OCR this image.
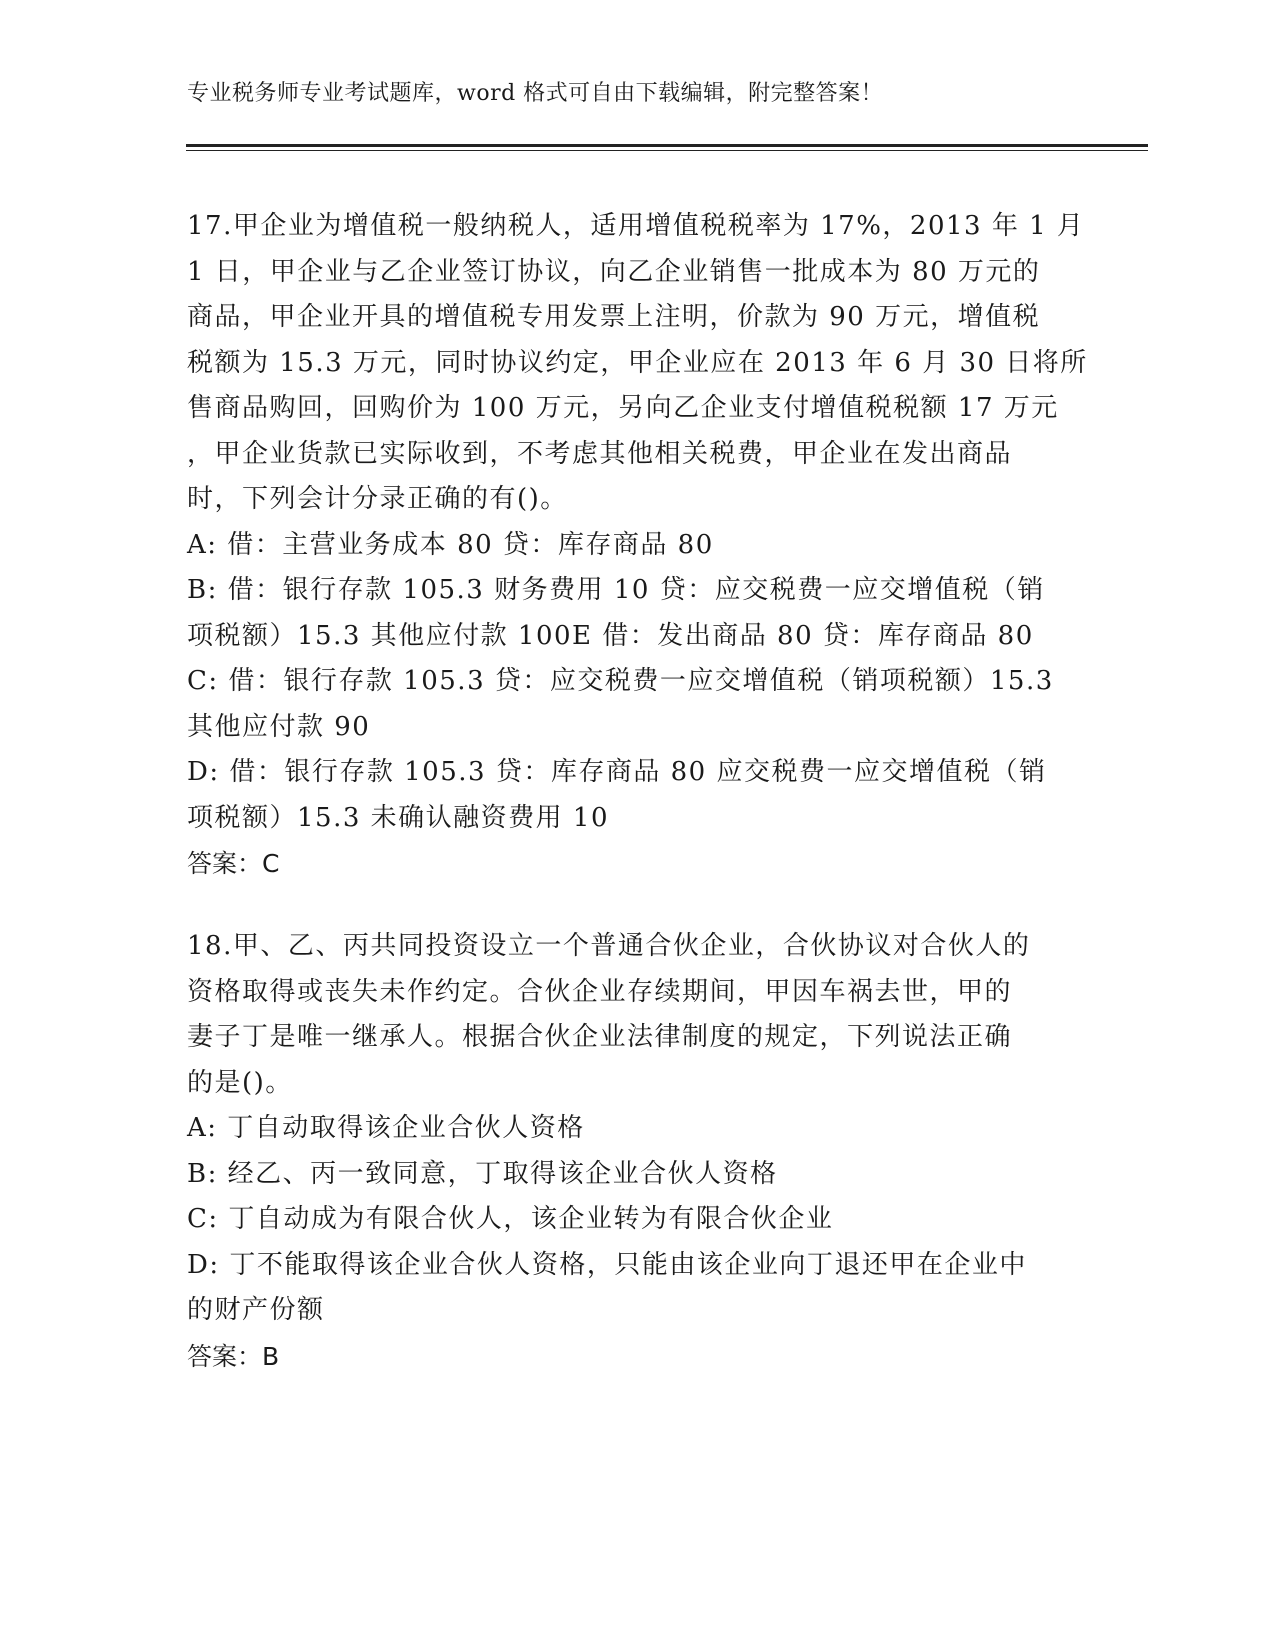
专业税务师专业考试题库，word 格式可自由下载编辑，附完整答案！
17.甲企业为增值税一般纳税人，适用增值税税率为 17%，2013 年 1 月
1 日，甲企业与乙企业签订协议，向乙企业销售一批成本为 80 万元的
商品，甲企业开具的增值税专用发票上注明，价款为 90 万元，增值税
税额为 15.3 万元，同时协议约定，甲企业应在 2013 年 6 月 30 日将所
售商品购回，回购价为 100 万元，另向乙企业支付增值税税额 17 万元
，甲企业货款已实际收到，不考虑其他相关税费，甲企业在发出商品
时，下列会计分录正确的有()。
A: 借：主营业务成本 80 贷：库存商品 80
B: 借：银行存款 105.3 财务费用 10 贷：应交税费一应交增值税（销
项税额）15.3 其他应付款 100E 借：发出商品 80 贷：库存商品 80
C: 借：银行存款 105.3 贷：应交税费一应交增值税（销项税额）15.3
其他应付款 90
D: 借：银行存款 105.3 贷：库存商品 80 应交税费一应交增值税（销
项税额）15.3 未确认融资费用 10
答案：C
18.甲、乙、丙共同投资设立一个普通合伙企业，合伙协议对合伙人的
资格取得或丧失未作约定。合伙企业存续期间，甲因车祸去世，甲的
妻子丁是唯一继承人。根据合伙企业法律制度的规定，下列说法正确
的是()。
A: 丁自动取得该企业合伙人资格
B: 经乙、丙一致同意，丁取得该企业合伙人资格
C: 丁自动成为有限合伙人，该企业转为有限合伙企业
D: 丁不能取得该企业合伙人资格，只能由该企业向丁退还甲在企业中
的财产份额
答案：B
